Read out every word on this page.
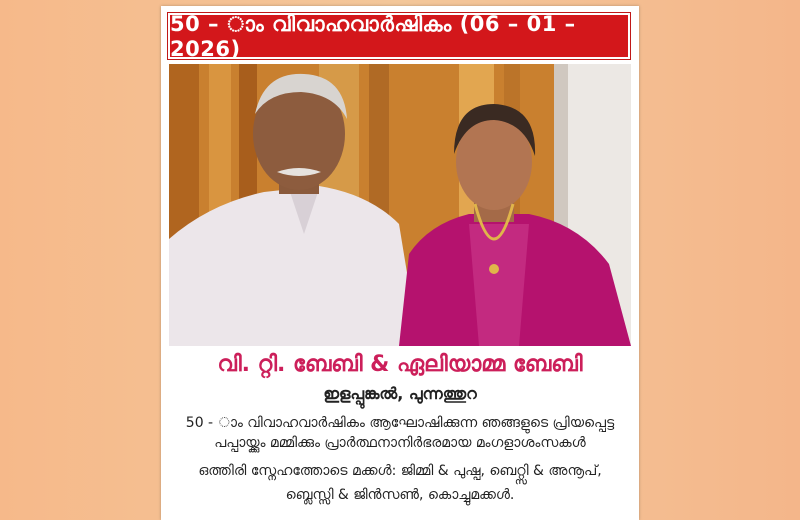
50 – ാം വിവാഹവാർഷികം (06 – 01 – 2026)
വി. റ്റി. ബേബി & ഏലിയാമ്മ ബേബി
ഇളപ്പുങ്കൽ, പുന്നത്തുറ
50 - ാം വിവാഹവാർഷികം ആഘോഷിക്കുന്ന ഞങ്ങളുടെ പ്രിയപ്പെട്ട
പപ്പായ്ക്കും മമ്മിക്കും പ്രാർത്ഥനാനിർഭരമായ മംഗളാശംസകൾ
ഒത്തിരി സ്നേഹത്തോടെ മക്കൾ: ജിമ്മി & പുഷ്പ, ബെറ്റ്സി & അനൂപ്,
ബ്ലെസ്സി & ജിൻസൺ, കൊച്ചുമക്കൾ.
